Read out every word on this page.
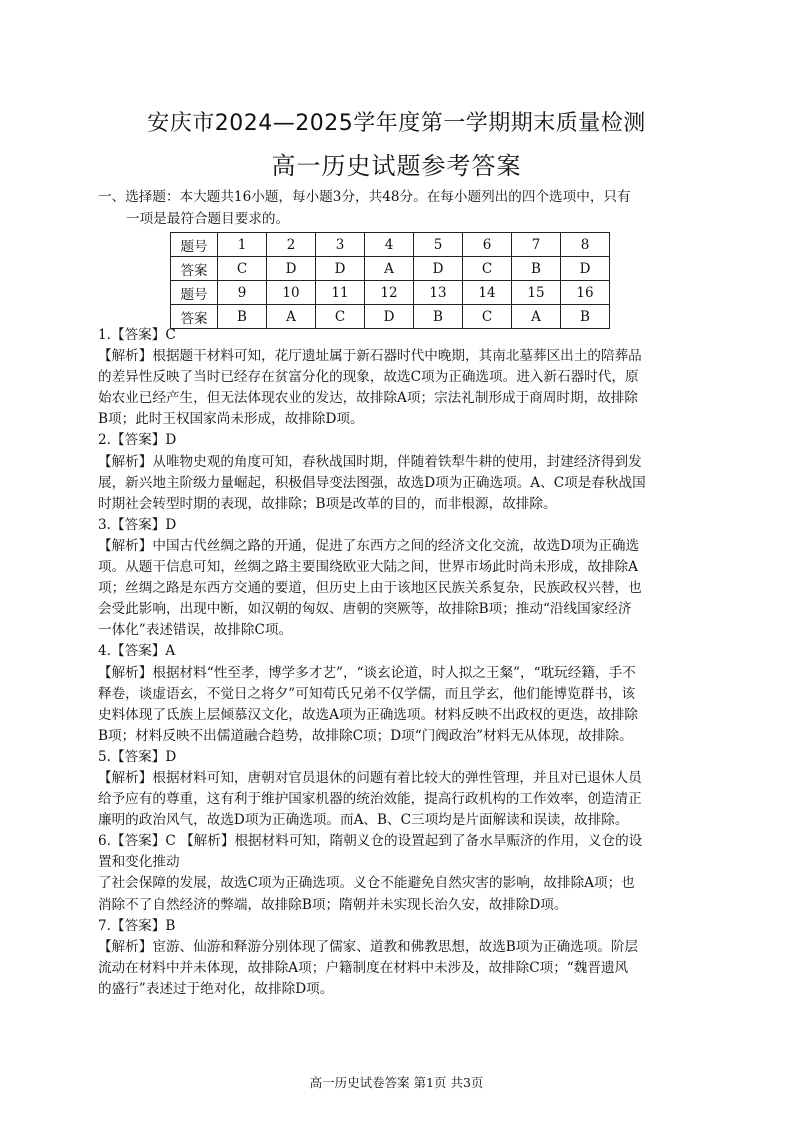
安庆市2024—2025学年度第一学期期末质量检测
高一历史试题参考答案
一、选择题：本大题共16小题，每小题3分，共48分。在每小题列出的四个选项中，只有
一项是最符合题目要求的。
题号	1	2	3	4	5	6	7	8
答案	C	D	D	A	D	C	B	D
题号	9	10	11	12	13	14	15	16
答案	B	A	C	D	B	C	A	B

1.【答案】C

【解析】根据题干材料可知，花厅遗址属于新石器时代中晚期，其南北墓葬区出土的陪葬品

的差异性反映了当时已经存在贫富分化的现象，故选C项为正确选项。进入新石器时代，原

始农业已经产生，但无法体现农业的发达，故排除A项；宗法礼制形成于商周时期，故排除

B项；此时王权国家尚未形成，故排除D项。

2.【答案】D

【解析】从唯物史观的角度可知，春秋战国时期，伴随着铁犁牛耕的使用，封建经济得到发

展，新兴地主阶级力量崛起，积极倡导变法图强，故选D项为正确选项。A、C项是春秋战国

时期社会转型时期的表现，故排除；B项是改革的目的，而非根源，故排除。

3.【答案】D

【解析】中国古代丝绸之路的开通，促进了东西方之间的经济文化交流，故选D项为正确选

项。从题干信息可知，丝绸之路主要围绕欧亚大陆之间，世界市场此时尚未形成，故排除A

项；丝绸之路是东西方交通的要道，但历史上由于该地区民族关系复杂，民族政权兴替，也

会受此影响，出现中断，如汉朝的匈奴、唐朝的突厥等，故排除B项；推动“沿线国家经济

一体化”表述错误，故排除C项。

4.【答案】A

【解析】根据材料“性至孝，博学多才艺”，“谈玄论道，时人拟之王粲”，“耽玩经籍，手不

释卷，谈虚语玄，不觉日之将夕”可知荀氏兄弟不仅学儒，而且学玄，他们能博览群书，该

史料体现了氐族上层倾慕汉文化，故选A项为正确选项。材料反映不出政权的更迭，故排除

B项；材料反映不出儒道融合趋势，故排除C项；D项“门阀政治”材料无从体现，故排除。

5.【答案】D

【解析】根据材料可知，唐朝对官员退休的问题有着比较大的弹性管理，并且对已退休人员

给予应有的尊重，这有利于维护国家机器的统治效能，提高行政机构的工作效率，创造清正

廉明的政治风气，故选D项为正确选项。而A、B、C三项均是片面解读和误读，故排除。

6.【答案】C 【解析】根据材料可知，隋朝义仓的设置起到了备水旱赈济的作用，义仓的设

置和变化推动

了社会保障的发展，故选C项为正确选项。义仓不能避免自然灾害的影响，故排除A项；也

消除不了自然经济的弊端，故排除B项；隋朝并未实现长治久安，故排除D项。

7.【答案】B

【解析】宦游、仙游和释游分别体现了儒家、道教和佛教思想，故选B项为正确选项。阶层

流动在材料中并未体现，故排除A项；户籍制度在材料中未涉及，故排除C项；“魏晋遗风

的盛行”表述过于绝对化，故排除D项。

高一历史试卷答案 第1页 共3页
